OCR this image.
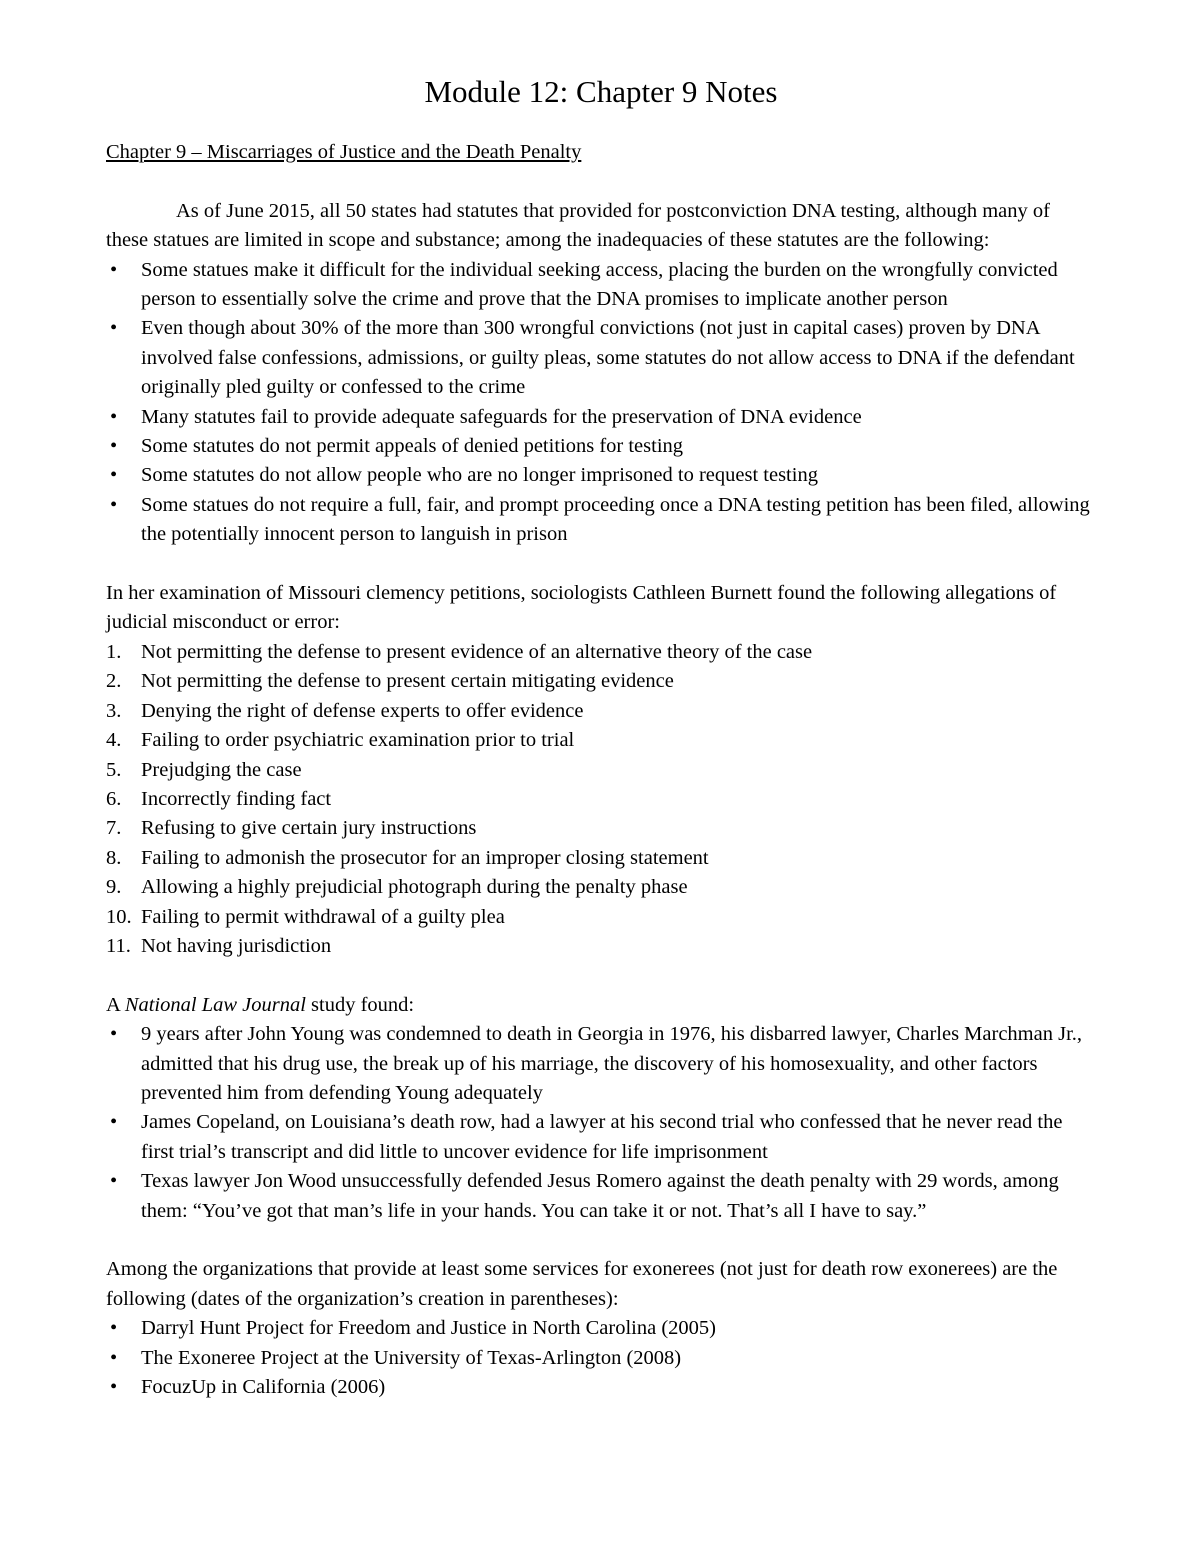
Module 12: Chapter 9 Notes
Chapter 9 – Miscarriages of Justice and the Death Penalty

As of June 2015, all 50 states had statutes that provided for postconviction DNA testing, although many of these statues are limited in scope and substance; among the inadequacies of these statutes are the following:

•	Some statues make it difficult for the individual seeking access, placing the burden on the wrongfully convicted person to essentially solve the crime and prove that the DNA promises to implicate another person
•	Even though about 30% of the more than 300 wrongful convictions (not just in capital cases) proven by DNA involved false confessions, admissions, or guilty pleas, some statutes do not allow access to DNA if the defendant originally pled guilty or confessed to the crime
•	Many statutes fail to provide adequate safeguards for the preservation of DNA evidence
•	Some statutes do not permit appeals of denied petitions for testing
•	Some statutes do not allow people who are no longer imprisoned to request testing
•	Some statues do not require a full, fair, and prompt proceeding once a DNA testing petition has been filed, allowing the potentially innocent person to languish in prison

In her examination of Missouri clemency petitions, sociologists Cathleen Burnett found the following allegations of judicial misconduct or error:

1. Not permitting the defense to present evidence of an alternative theory of the case
2. Not permitting the defense to present certain mitigating evidence
3. Denying the right of defense experts to offer evidence
4. Failing to order psychiatric examination prior to trial
5. Prejudging the case
6. Incorrectly finding fact
7. Refusing to give certain jury instructions
8. Failing to admonish the prosecutor for an improper closing statement
9. Allowing a highly prejudicial photograph during the penalty phase
10. Failing to permit withdrawal of a guilty plea
11. Not having jurisdiction

A National Law Journal study found:

•	9 years after John Young was condemned to death in Georgia in 1976, his disbarred lawyer, Charles Marchman Jr., admitted that his drug use, the break up of his marriage, the discovery of his homosexuality, and other factors prevented him from defending Young adequately
•	James Copeland, on Louisiana’s death row, had a lawyer at his second trial who confessed that he never read the first trial’s transcript and did little to uncover evidence for life imprisonment
•	Texas lawyer Jon Wood unsuccessfully defended Jesus Romero against the death penalty with 29 words, among them: “You’ve got that man’s life in your hands. You can take it or not. That’s all I have to say.”

Among the organizations that provide at least some services for exonerees (not just for death row exonerees) are the following (dates of the organization’s creation in parentheses):

•	Darryl Hunt Project for Freedom and Justice in North Carolina (2005)
•	The Exoneree Project at the University of Texas-Arlington (2008)
•	FocuzUp in California (2006)
